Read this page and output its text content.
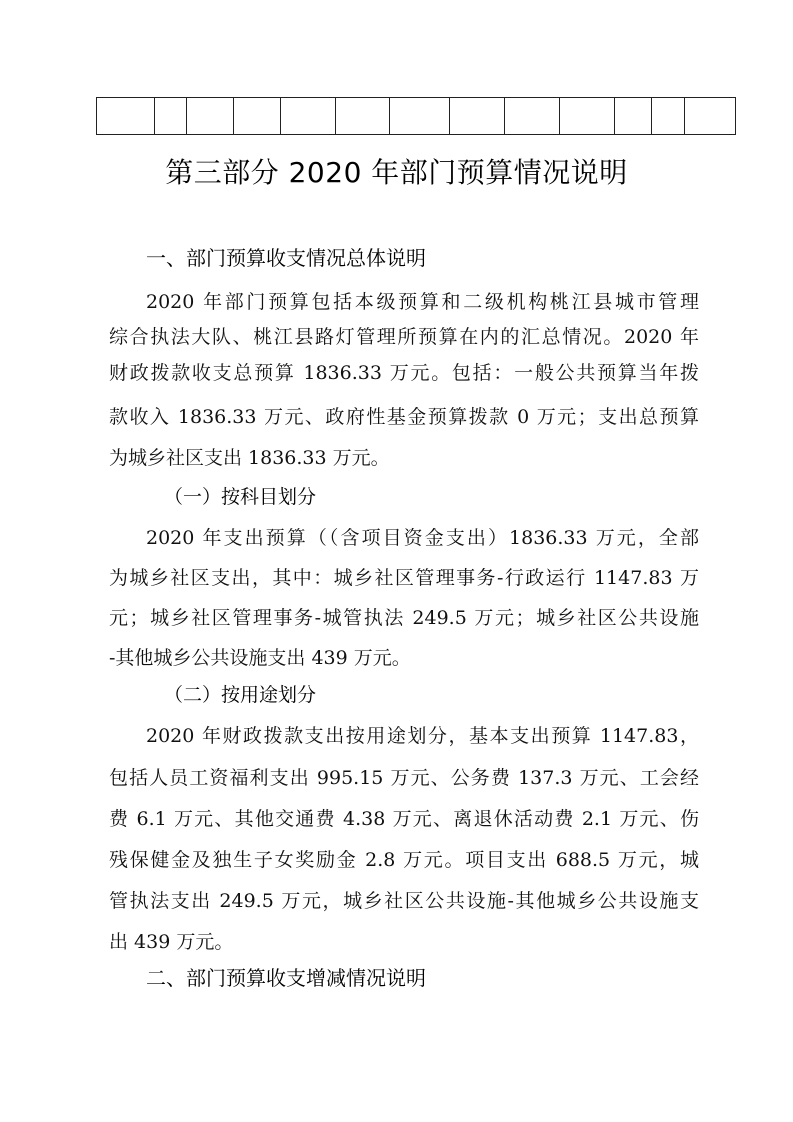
第三部分 2020 年部门预算情况说明
一、部门预算收支情况总体说明
2020 年部门预算包括本级预算和二级机构桃江县城市管理
综合执法大队、桃江县路灯管理所预算在内的汇总情况。2020 年
财政拨款收支总预算 1836.33 万元。包括：一般公共预算当年拨
款收入 1836.33 万元、政府性基金预算拨款 0 万元；支出总预算
为城乡社区支出 1836.33 万元。
（一）按科目划分
2020 年支出预算（（含项目资金支出）1836.33 万元，全部
为城乡社区支出，其中：城乡社区管理事务-行政运行 1147.83 万
元；城乡社区管理事务-城管执法 249.5 万元；城乡社区公共设施
-其他城乡公共设施支出 439 万元。
（二）按用途划分
2020 年财政拨款支出按用途划分，基本支出预算 1147.83，
包括人员工资福利支出 995.15 万元、公务费 137.3 万元、工会经
费 6.1 万元、其他交通费 4.38 万元、离退休活动费 2.1 万元、伤
残保健金及独生子女奖励金 2.8 万元。项目支出 688.5 万元，城
管执法支出 249.5 万元，城乡社区公共设施-其他城乡公共设施支
出 439 万元。
二、部门预算收支增减情况说明
